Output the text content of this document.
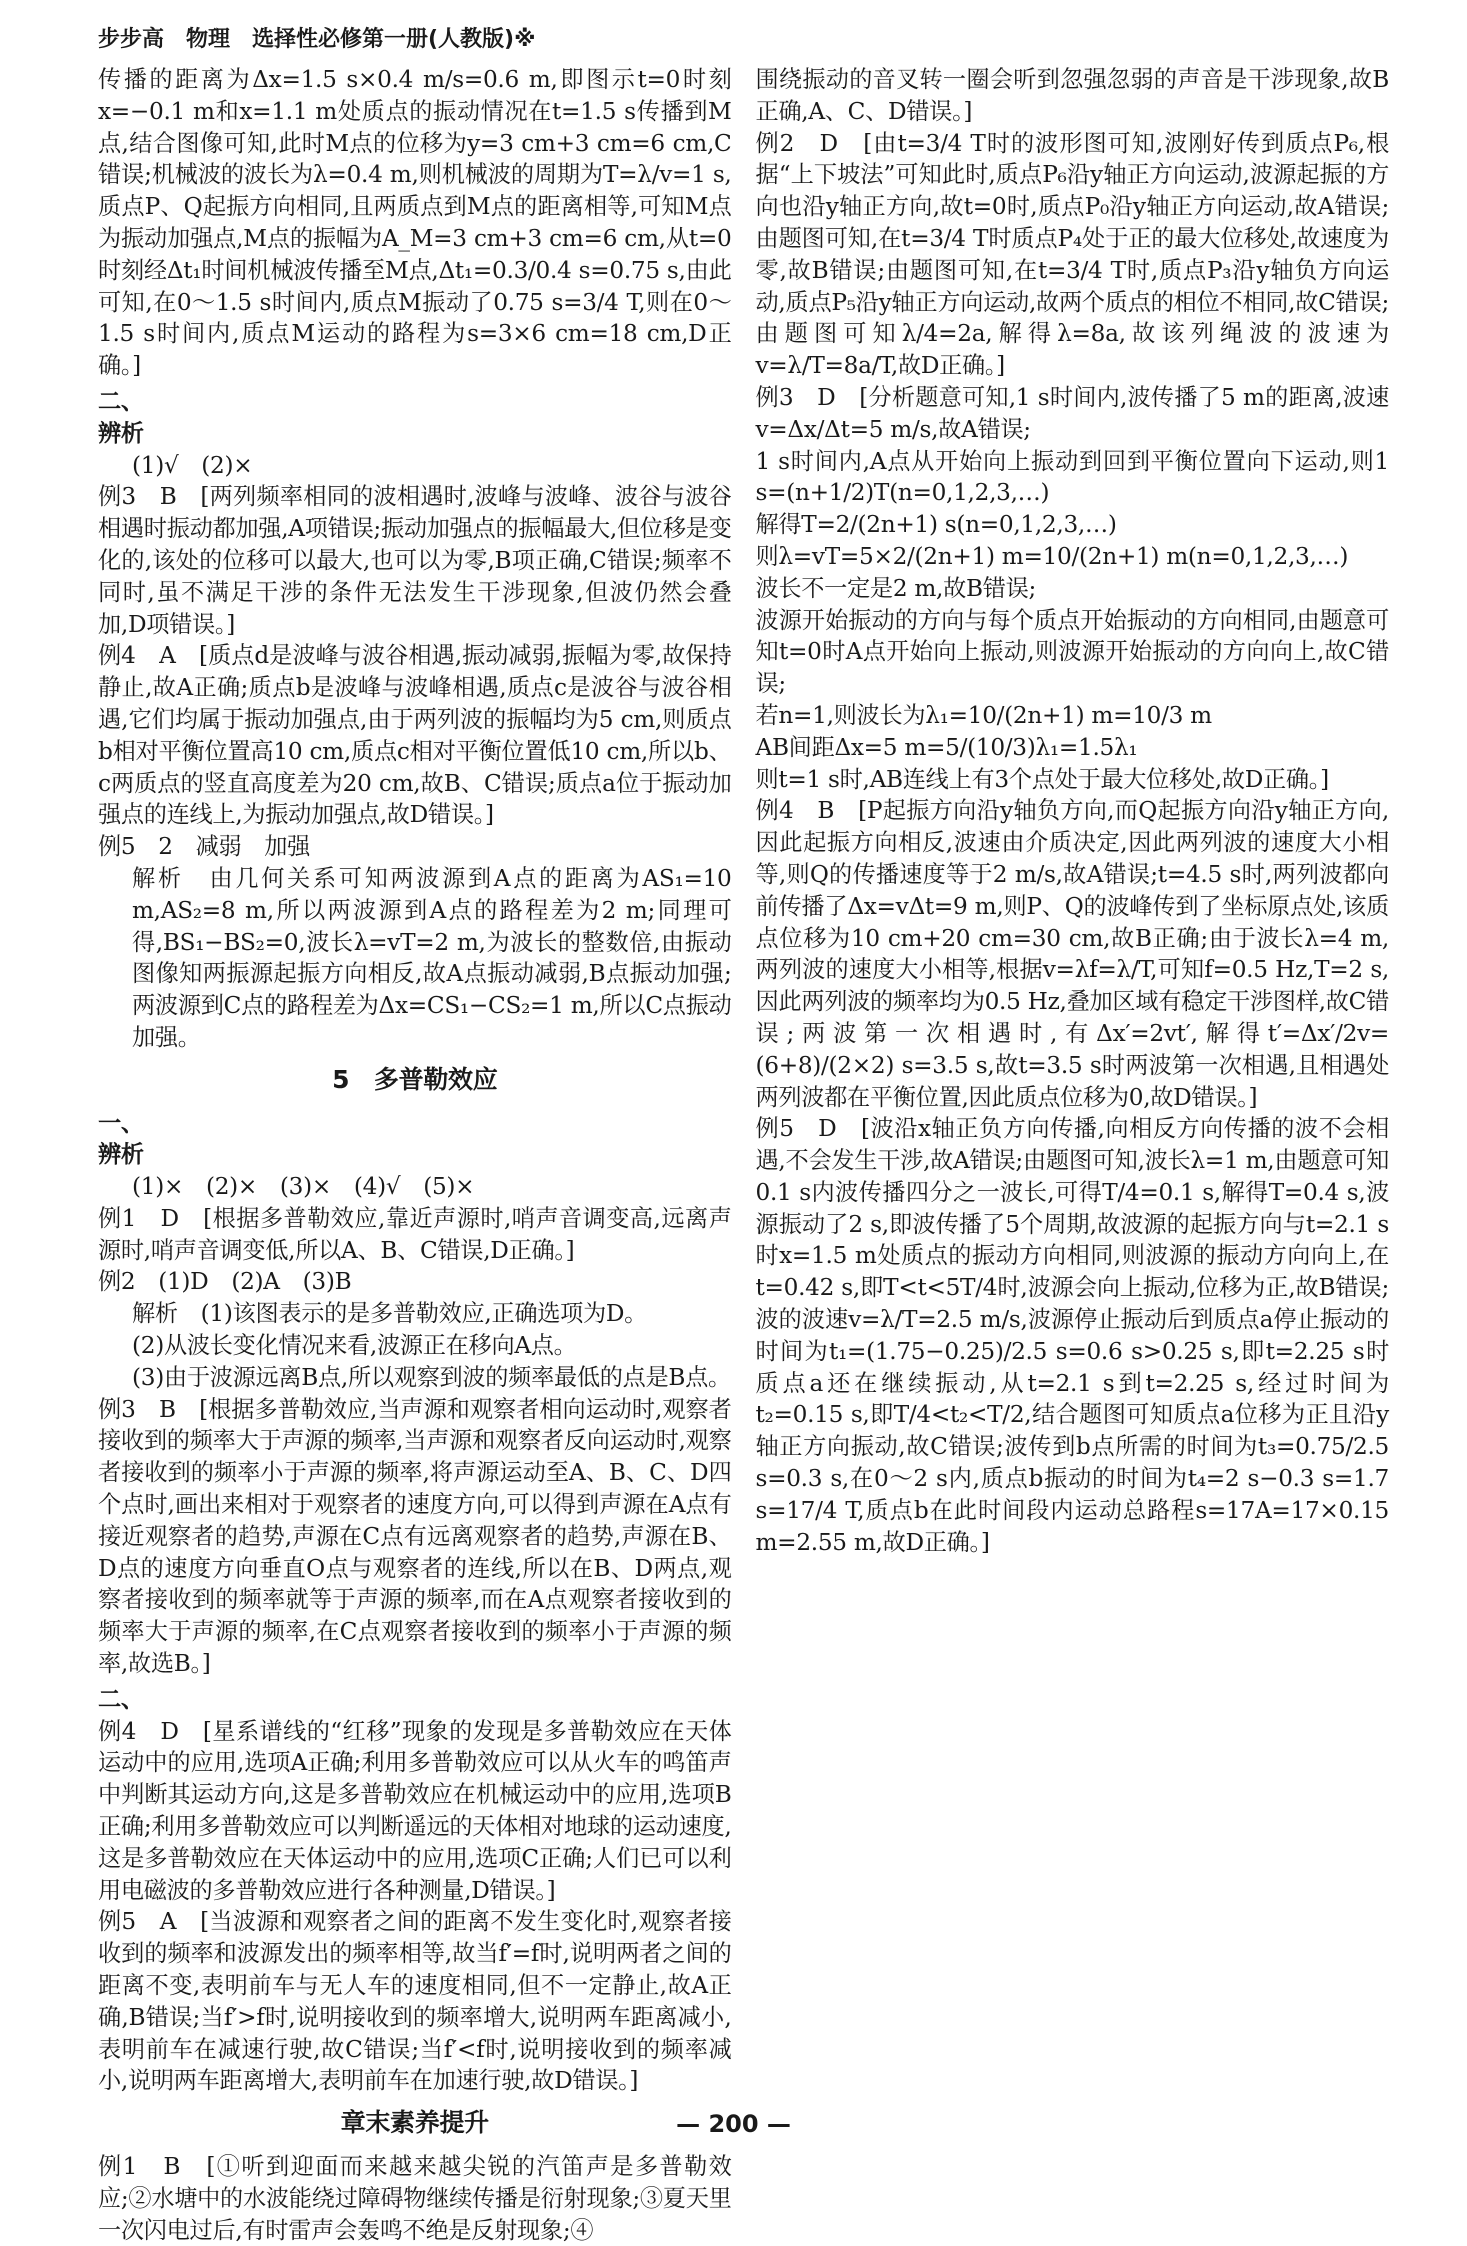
步步高　物理　选择性必修第一册(人教版)※

传播的距离为Δx=1.5 s×0.4 m/s=0.6 m,即图示t=0时刻x=−0.1 m和x=1.1 m处质点的振动情况在t=1.5 s传播到M点,结合图像可知,此时M点的位移为y=3 cm+3 cm=6 cm,C错误;机械波的波长为λ=0.4 m,则机械波的周期为T=λ/v=1 s,质点P、Q起振方向相同,且两质点到M点的距离相等,可知M点为振动加强点,M点的振幅为A_M=3 cm+3 cm=6 cm,从t=0时刻经Δt₁时间机械波传播至M点,Δt₁=0.3/0.4 s=0.75 s,由此可知,在0～1.5 s时间内,质点M振动了0.75 s=3/4 T,则在0～1.5 s时间内,质点M运动的路程为s=3×6 cm=18 cm,D正确。]

二、

辨析

(1)√　(2)×

例3　B　[两列频率相同的波相遇时,波峰与波峰、波谷与波谷相遇时振动都加强,A项错误;振动加强点的振幅最大,但位移是变化的,该处的位移可以最大,也可以为零,B项正确,C错误;频率不同时,虽不满足干涉的条件无法发生干涉现象,但波仍然会叠加,D项错误。]

例4　A　[质点d是波峰与波谷相遇,振动减弱,振幅为零,故保持静止,故A正确;质点b是波峰与波峰相遇,质点c是波谷与波谷相遇,它们均属于振动加强点,由于两列波的振幅均为5 cm,则质点b相对平衡位置高10 cm,质点c相对平衡位置低10 cm,所以b、c两质点的竖直高度差为20 cm,故B、C错误;质点a位于振动加强点的连线上,为振动加强点,故D错误。]

例5　2　减弱　加强

解析　由几何关系可知两波源到A点的距离为AS₁=10 m,AS₂=8 m,所以两波源到A点的路程差为2 m;同理可得,BS₁−BS₂=0,波长λ=vT=2 m,为波长的整数倍,由振动图像知两振源起振方向相反,故A点振动减弱,B点振动加强;两波源到C点的路程差为Δx=CS₁−CS₂=1 m,所以C点振动加强。

5　多普勒效应

一、

辨析

(1)×　(2)×　(3)×　(4)√　(5)×

例1　D　[根据多普勒效应,靠近声源时,哨声音调变高,远离声源时,哨声音调变低,所以A、B、C错误,D正确。]

例2　(1)D　(2)A　(3)B

解析　(1)该图表示的是多普勒效应,正确选项为D。

(2)从波长变化情况来看,波源正在移向A点。

(3)由于波源远离B点,所以观察到波的频率最低的点是B点。

例3　B　[根据多普勒效应,当声源和观察者相向运动时,观察者接收到的频率大于声源的频率,当声源和观察者反向运动时,观察者接收到的频率小于声源的频率,将声源运动至A、B、C、D四个点时,画出来相对于观察者的速度方向,可以得到声源在A点有接近观察者的趋势,声源在C点有远离观察者的趋势,声源在B、D点的速度方向垂直O点与观察者的连线,所以在B、D两点,观察者接收到的频率就等于声源的频率,而在A点观察者接收到的频率大于声源的频率,在C点观察者接收到的频率小于声源的频率,故选B。]

二、

例4　D　[星系谱线的“红移”现象的发现是多普勒效应在天体运动中的应用,选项A正确;利用多普勒效应可以从火车的鸣笛声中判断其运动方向,这是多普勒效应在机械运动中的应用,选项B正确;利用多普勒效应可以判断遥远的天体相对地球的运动速度,这是多普勒效应在天体运动中的应用,选项C正确;人们已可以利用电磁波的多普勒效应进行各种测量,D错误。]

例5　A　[当波源和观察者之间的距离不发生变化时,观察者接收到的频率和波源发出的频率相等,故当f′=f时,说明两者之间的距离不变,表明前车与无人车的速度相同,但不一定静止,故A正确,B错误;当f′>f时,说明接收到的频率增大,说明两车距离减小,表明前车在减速行驶,故C错误;当f′<f时,说明接收到的频率减小,说明两车距离增大,表明前车在加速行驶,故D错误。]

章末素养提升

例1　B　[①听到迎面而来越来越尖锐的汽笛声是多普勒效应;②水塘中的水波能绕过障碍物继续传播是衍射现象;③夏天里一次闪电过后,有时雷声会轰鸣不绝是反射现象;④

围绕振动的音叉转一圈会听到忽强忽弱的声音是干涉现象,故B正确,A、C、D错误。]

例2　D　[由t=3/4 T时的波形图可知,波刚好传到质点P₆,根据“上下坡法”可知此时,质点P₆沿y轴正方向运动,波源起振的方向也沿y轴正方向,故t=0时,质点P₀沿y轴正方向运动,故A错误;由题图可知,在t=3/4 T时质点P₄处于正的最大位移处,故速度为零,故B错误;由题图可知,在t=3/4 T时,质点P₃沿y轴负方向运动,质点P₅沿y轴正方向运动,故两个质点的相位不相同,故C错误;由题图可知λ/4=2a,解得λ=8a,故该列绳波的波速为v=λ/T=8a/T,故D正确。]

例3　D　[分析题意可知,1 s时间内,波传播了5 m的距离,波速v=Δx/Δt=5 m/s,故A错误;

1 s时间内,A点从开始向上振动到回到平衡位置向下运动,则1 s=(n+1/2)T(n=0,1,2,3,…)

解得T=2/(2n+1) s(n=0,1,2,3,…)

则λ=vT=5×2/(2n+1) m=10/(2n+1) m(n=0,1,2,3,…)

波长不一定是2 m,故B错误;

波源开始振动的方向与每个质点开始振动的方向相同,由题意可知t=0时A点开始向上振动,则波源开始振动的方向向上,故C错误;

若n=1,则波长为λ₁=10/(2n+1) m=10/3 m

AB间距Δx=5 m=5/(10/3)λ₁=1.5λ₁

则t=1 s时,AB连线上有3个点处于最大位移处,故D正确。]

例4　B　[P起振方向沿y轴负方向,而Q起振方向沿y轴正方向,因此起振方向相反,波速由介质决定,因此两列波的速度大小相等,则Q的传播速度等于2 m/s,故A错误;t=4.5 s时,两列波都向前传播了Δx=vΔt=9 m,则P、Q的波峰传到了坐标原点处,该质点位移为10 cm+20 cm=30 cm,故B正确;由于波长λ=4 m,两列波的速度大小相等,根据v=λf=λ/T,可知f=0.5 Hz,T=2 s,因此两列波的频率均为0.5 Hz,叠加区域有稳定干涉图样,故C错误;两波第一次相遇时,有Δx′=2vt′,解得t′=Δx′/2v=(6+8)/(2×2) s=3.5 s,故t=3.5 s时两波第一次相遇,且相遇处两列波都在平衡位置,因此质点位移为0,故D错误。]

例5　D　[波沿x轴正负方向传播,向相反方向传播的波不会相遇,不会发生干涉,故A错误;由题图可知,波长λ=1 m,由题意可知0.1 s内波传播四分之一波长,可得T/4=0.1 s,解得T=0.4 s,波源振动了2 s,即波传播了5个周期,故波源的起振方向与t=2.1 s时x=1.5 m处质点的振动方向相同,则波源的振动方向向上,在t=0.42 s,即T<t<5T/4时,波源会向上振动,位移为正,故B错误;波的波速v=λ/T=2.5 m/s,波源停止振动后到质点a停止振动的时间为t₁=(1.75−0.25)/2.5 s=0.6 s>0.25 s,即t=2.25 s时质点a还在继续振动,从t=2.1 s到t=2.25 s,经过时间为t₂=0.15 s,即T/4<t₂<T/2,结合题图可知质点a位移为正且沿y轴正方向振动,故C错误;波传到b点所需的时间为t₃=0.75/2.5 s=0.3 s,在0～2 s内,质点b振动的时间为t₄=2 s−0.3 s=1.7 s=17/4 T,质点b在此时间段内运动总路程s=17A=17×0.15 m=2.55 m,故D正确。]

— 200 —
